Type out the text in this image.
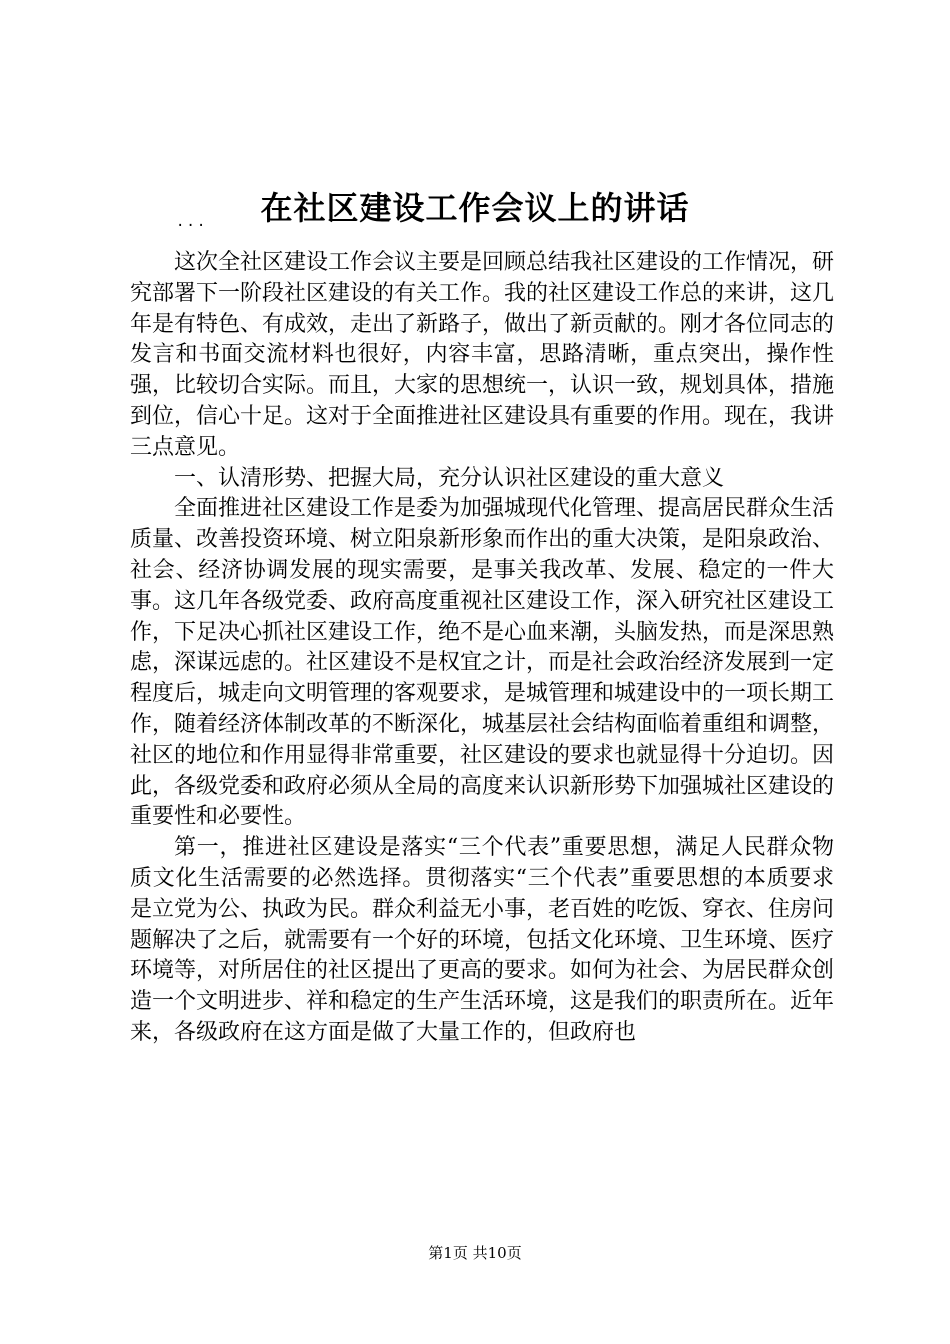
在社区建设工作会议上的讲话
...

这次全社区建设工作会议主要是回顾总结我社区建设的工作情况，研究部署下一阶段社区建设的有关工作。我的社区建设工作总的来讲，这几年是有特色、有成效，走出了新路子，做出了新贡献的。刚才各位同志的发言和书面交流材料也很好，内容丰富，思路清晰，重点突出，操作性强，比较切合实际。而且，大家的思想统一，认识一致，规划具体，措施到位，信心十足。这对于全面推进社区建设具有重要的作用。现在，我讲三点意见。

一、认清形势、把握大局，充分认识社区建设的重大意义

全面推进社区建设工作是委为加强城现代化管理、提高居民群众生活质量、改善投资环境、树立阳泉新形象而作出的重大决策，是阳泉政治、社会、经济协调发展的现实需要，是事关我改革、发展、稳定的一件大事。这几年各级党委、政府高度重视社区建设工作，深入研究社区建设工作，下足决心抓社区建设工作，绝不是心血来潮，头脑发热，而是深思熟虑，深谋远虑的。社区建设不是权宜之计，而是社会政治经济发展到一定程度后，城走向文明管理的客观要求，是城管理和城建设中的一项长期工作，随着经济体制改革的不断深化，城基层社会结构面临着重组和调整，社区的地位和作用显得非常重要，社区建设的要求也就显得十分迫切。因此，各级党委和政府必须从全局的高度来认识新形势下加强城社区建设的重要性和必要性。

第一，推进社区建设是落实“三个代表”重要思想，满足人民群众物质文化生活需要的必然选择。贯彻落实“三个代表”重要思想的本质要求是立党为公、执政为民。群众利益无小事，老百姓的吃饭、穿衣、住房问题解决了之后，就需要有一个好的环境，包括文化环境、卫生环境、医疗环境等，对所居住的社区提出了更高的要求。如何为社会、为居民群众创造一个文明进步、祥和稳定的生产生活环境，这是我们的职责所在。近年来，各级政府在这方面是做了大量工作的，但政府也

第1页 共10页
